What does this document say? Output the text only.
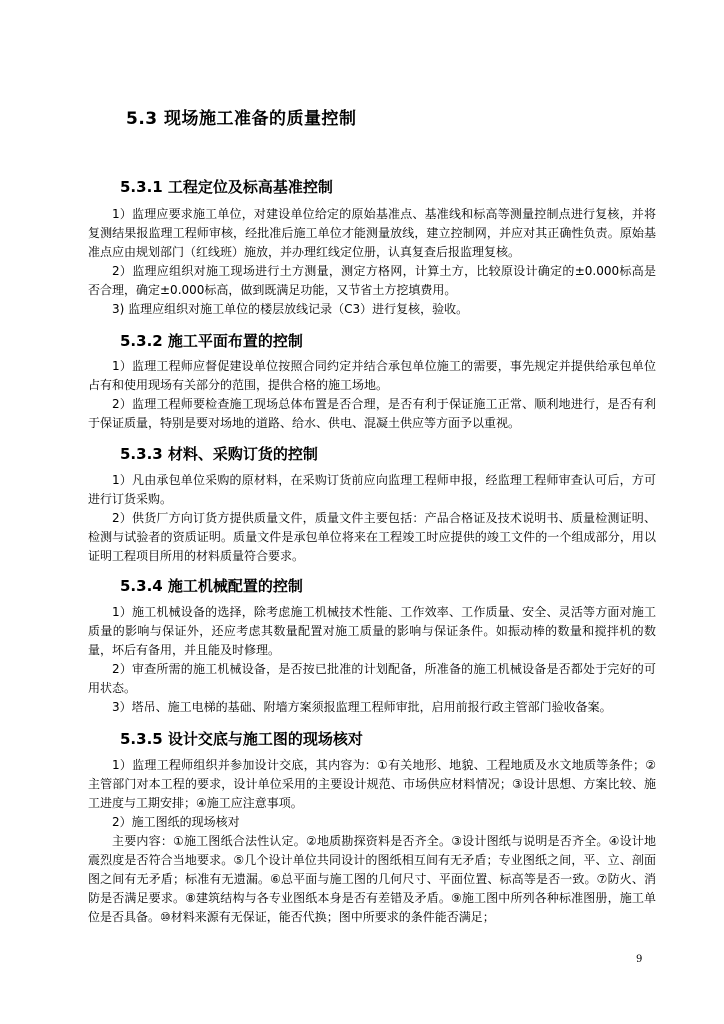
5.3 现场施工准备的质量控制
5.3.1 工程定位及标高基准控制
1）监理应要求施工单位，对建设单位给定的原始基准点、基准线和标高等测量控制点进行复核，并将复测结果报监理工程师审核，经批准后施工单位才能测量放线，建立控制网，并应对其正确性负责。原始基准点应由规划部门（红线班）施放，并办理红线定位册，认真复查后报监理复核。
2）监理应组织对施工现场进行土方测量，测定方格网，计算土方，比较原设计确定的±0.000标高是否合理，确定±0.000标高，做到既满足功能，又节省土方挖填费用。
3) 监理应组织对施工单位的楼层放线记录（C3）进行复核，验收。
5.3.2 施工平面布置的控制
1）监理工程师应督促建设单位按照合同约定并结合承包单位施工的需要，事先规定并提供给承包单位占有和使用现场有关部分的范围，提供合格的施工场地。
2）监理工程师要检查施工现场总体布置是否合理，是否有利于保证施工正常、顺利地进行，是否有利于保证质量，特别是要对场地的道路、给水、供电、混凝土供应等方面予以重视。
5.3.3 材料、采购订货的控制
1）凡由承包单位采购的原材料，在采购订货前应向监理工程师申报，经监理工程师审查认可后，方可进行订货采购。
2）供货厂方向订货方提供质量文件，质量文件主要包括：产品合格证及技术说明书、质量检测证明、检测与试验者的资质证明。质量文件是承包单位将来在工程竣工时应提供的竣工文件的一个组成部分，用以证明工程项目所用的材料质量符合要求。
5.3.4 施工机械配置的控制
1）施工机械设备的选择，除考虑施工机械技术性能、工作效率、工作质量、安全、灵活等方面对施工质量的影响与保证外，还应考虑其数量配置对施工质量的影响与保证条件。如振动棒的数量和搅拌机的数量，坏后有备用，并且能及时修理。
2）审查所需的施工机械设备，是否按已批准的计划配备，所准备的施工机械设备是否都处于完好的可用状态。
3）塔吊、施工电梯的基础、附墙方案须报监理工程师审批，启用前报行政主管部门验收备案。
5.3.5 设计交底与施工图的现场核对
1）监理工程师组织并参加设计交底，其内容为：①有关地形、地貌、工程地质及水文地质等条件；②主管部门对本工程的要求，设计单位采用的主要设计规范、市场供应材料情况；③设计思想、方案比较、施工进度与工期安排；④施工应注意事项。
2）施工图纸的现场核对
主要内容：①施工图纸合法性认定。②地质勘探资料是否齐全。③设计图纸与说明是否齐全。④设计地震烈度是否符合当地要求。⑤几个设计单位共同设计的图纸相互间有无矛盾；专业图纸之间，平、立、剖面图之间有无矛盾；标准有无遗漏。⑥总平面与施工图的几何尺寸、平面位置、标高等是否一致。⑦防火、消防是否满足要求。⑧建筑结构与各专业图纸本身是否有差错及矛盾。⑨施工图中所列各种标准图册，施工单位是否具备。⑩材料来源有无保证，能否代换；图中所要求的条件能否满足；
9
